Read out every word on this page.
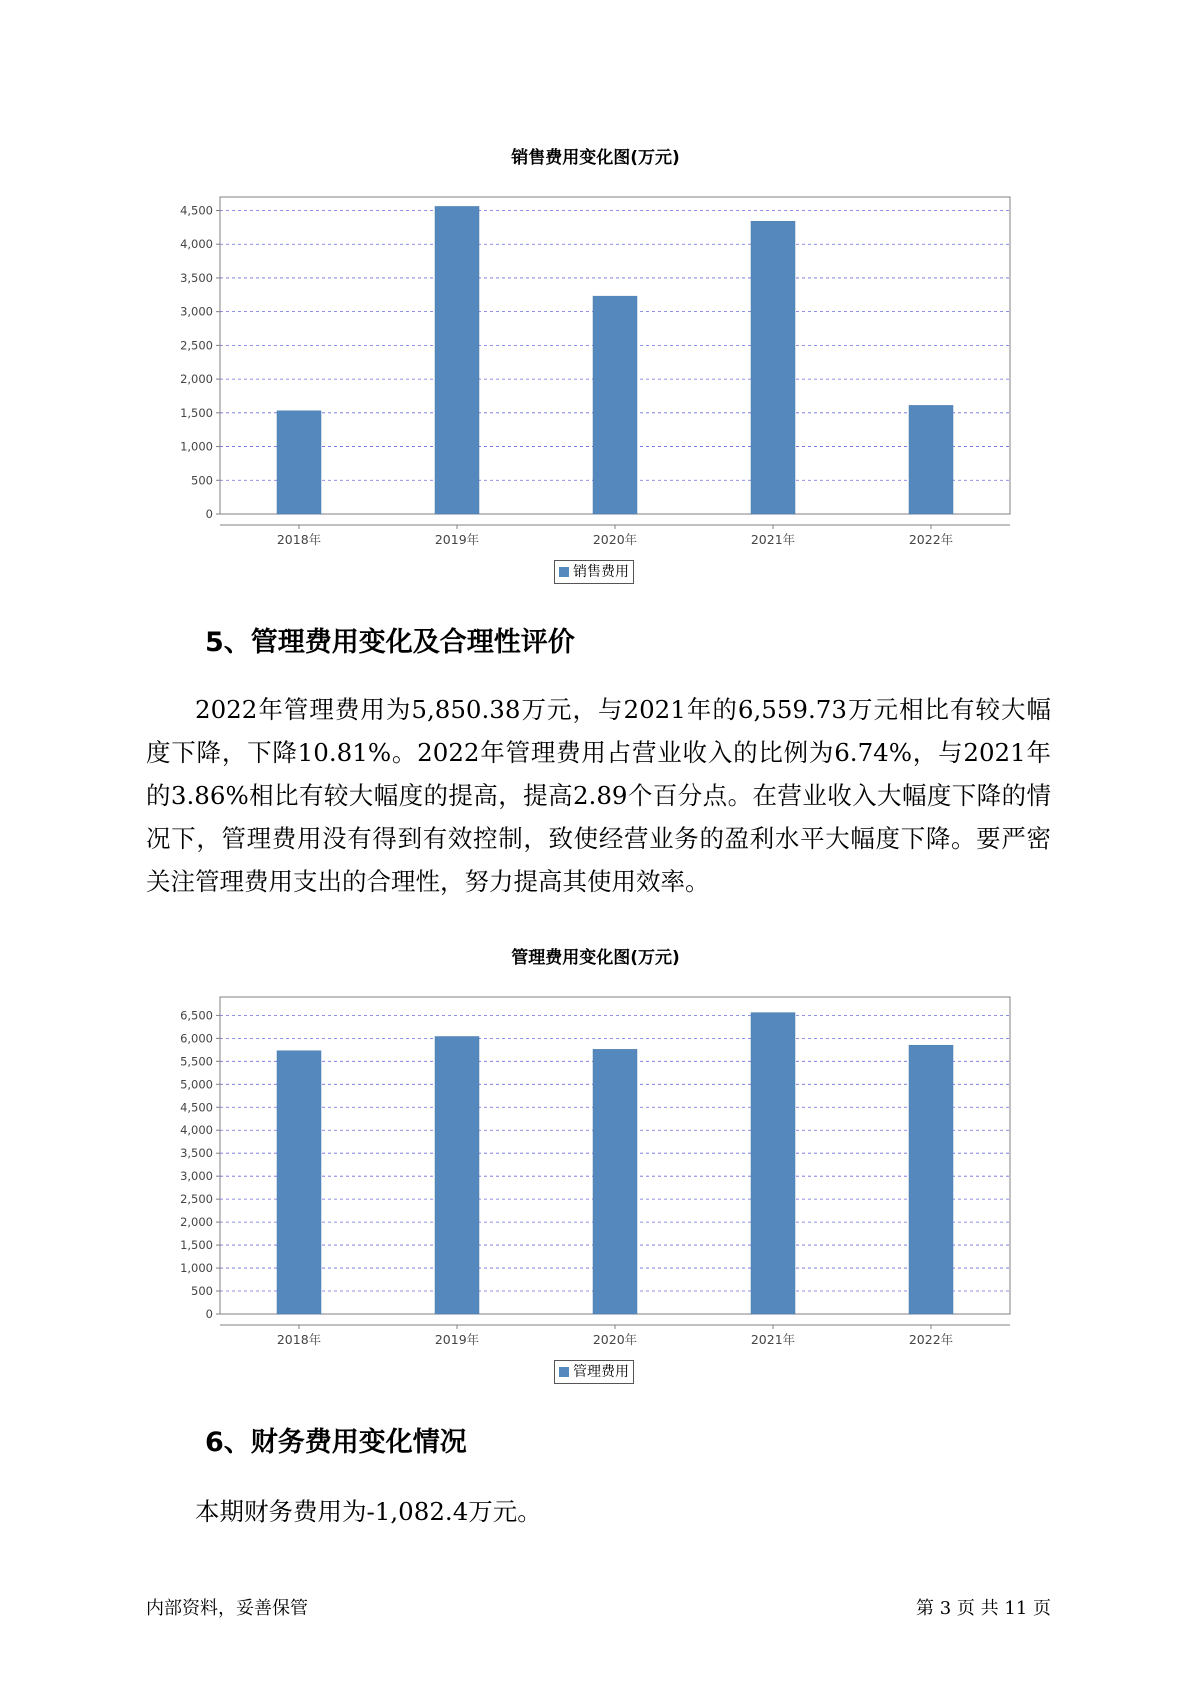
销售费用变化图(万元)
0
500
1,000
1,500
2,000
2,500
3,000
3,500
4,000
4,500
2018年	2019年	2020年	2021年	2022年
销售费用
5、管理费用变化及合理性评价

2022年管理费用为5,850.38万元，与2021年的6,559.73万元相比有较大幅度下降，下降10.81%。2022年管理费用占营业收入的比例为6.74%，与2021年的3.86%相比有较大幅度的提高，提高2.89个百分点。在营业收入大幅度下降的情况下，管理费用没有得到有效控制，致使经营业务的盈利水平大幅度下降。要严密关注管理费用支出的合理性，努力提高其使用效率。

管理费用变化图(万元)
0
500
1,000
1,500
2,000
2,500
3,000
3,500
4,000
4,500
5,000
5,500
6,000
6,500
2018年	2019年	2020年	2021年	2022年
管理费用
6、财务费用变化情况

本期财务费用为-1,082.4万元。

内部资料，妥善保管	第 3 页 共 11 页
